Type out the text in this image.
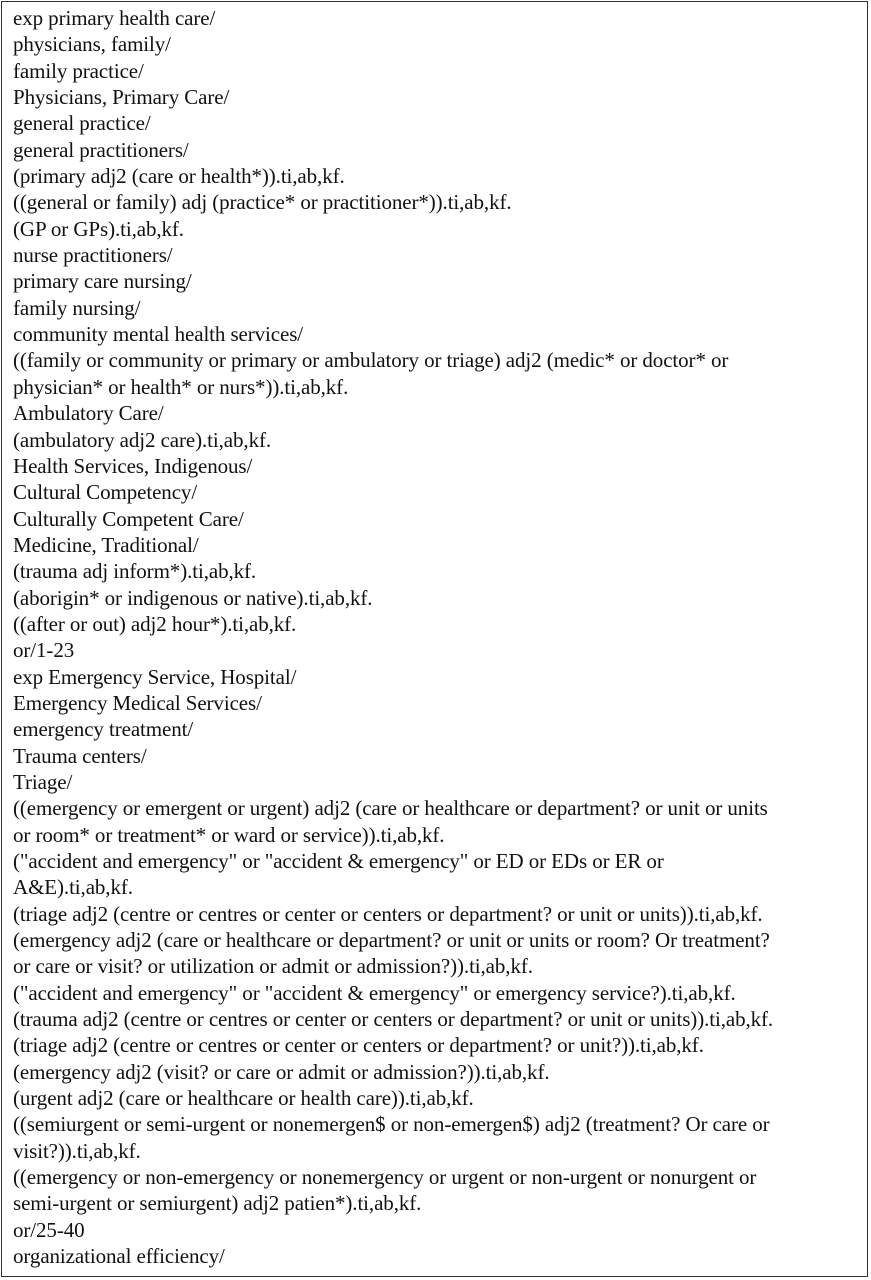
exp primary health care/
physicians, family/
family practice/
Physicians, Primary Care/
general practice/
general practitioners/
(primary adj2 (care or health*)).ti,ab,kf.
((general or family) adj (practice* or practitioner*)).ti,ab,kf.
(GP or GPs).ti,ab,kf.
nurse practitioners/
primary care nursing/
family nursing/
community mental health services/
((family or community or primary or ambulatory or triage) adj2 (medic* or doctor* or
physician* or health* or nurs*)).ti,ab,kf.
Ambulatory Care/
(ambulatory adj2 care).ti,ab,kf.
Health Services, Indigenous/
Cultural Competency/
Culturally Competent Care/
Medicine, Traditional/
(trauma adj inform*).ti,ab,kf.
(aborigin* or indigenous or native).ti,ab,kf.
((after or out) adj2 hour*).ti,ab,kf.
or/1-23
exp Emergency Service, Hospital/
Emergency Medical Services/
emergency treatment/
Trauma centers/
Triage/
((emergency or emergent or urgent) adj2 (care or healthcare or department? or unit or units
or room* or treatment* or ward or service)).ti,ab,kf.
("accident and emergency" or "accident & emergency" or ED or EDs or ER or
A&E).ti,ab,kf.
(triage adj2 (centre or centres or center or centers or department? or unit or units)).ti,ab,kf.
(emergency adj2 (care or healthcare or department? or unit or units or room? Or treatment?
or care or visit? or utilization or admit or admission?)).ti,ab,kf.
("accident and emergency" or "accident & emergency" or emergency service?).ti,ab,kf.
(trauma adj2 (centre or centres or center or centers or department? or unit or units)).ti,ab,kf.
(triage adj2 (centre or centres or center or centers or department? or unit?)).ti,ab,kf.
(emergency adj2 (visit? or care or admit or admission?)).ti,ab,kf.
(urgent adj2 (care or healthcare or health care)).ti,ab,kf.
((semiurgent or semi-urgent or nonemergen$ or non-emergen$) adj2 (treatment? Or care or
visit?)).ti,ab,kf.
((emergency or non-emergency or nonemergency or urgent or non-urgent or nonurgent or
semi-urgent or semiurgent) adj2 patien*).ti,ab,kf.
or/25-40
organizational efficiency/
